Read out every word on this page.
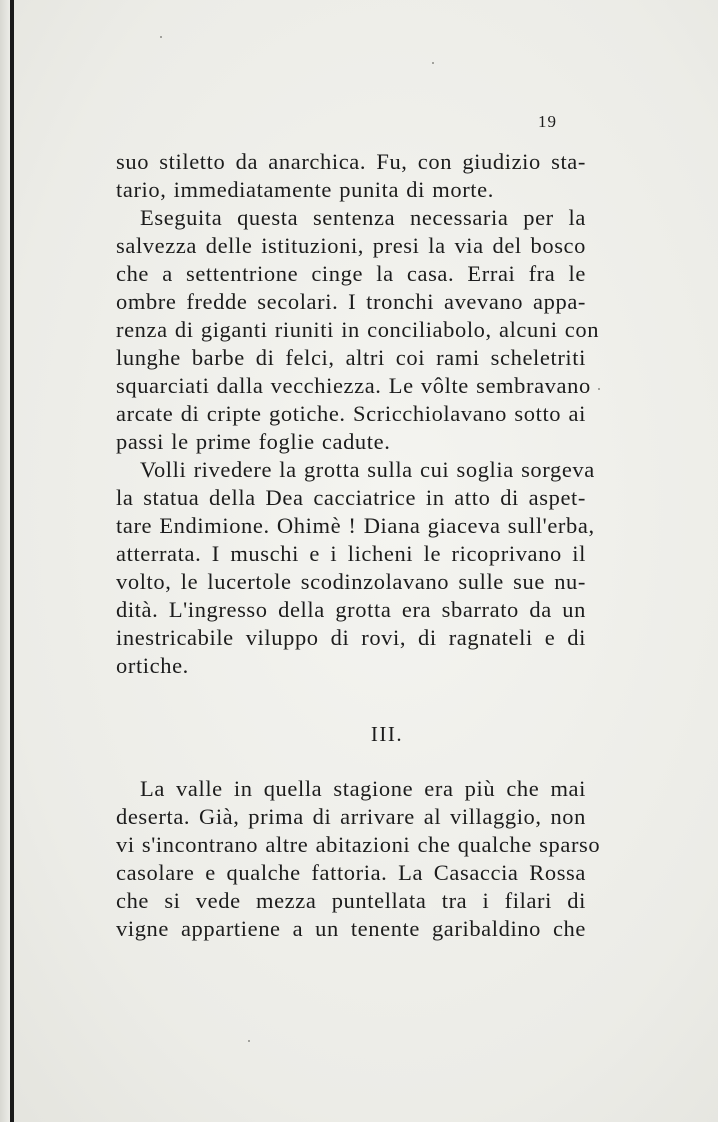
19
suo stiletto da anarchica. Fu, con giudizio sta-
tario, immediatamente punita di morte.
Eseguita questa sentenza necessaria per la
salvezza delle istituzioni, presi la via del bosco
che a settentrione cinge la casa. Errai fra le
ombre fredde secolari. I tronchi avevano appa-
renza di giganti riuniti in conciliabolo, alcuni con
lunghe barbe di felci, altri coi rami scheletriti
squarciati dalla vecchiezza. Le vôlte sembravano
arcate di cripte gotiche. Scricchiolavano sotto ai
passi le prime foglie cadute.
Volli rivedere la grotta sulla cui soglia sorgeva
la statua della Dea cacciatrice in atto di aspet-
tare Endimione. Ohimè ! Diana giaceva sull'erba,
atterrata. I muschi e i licheni le ricoprivano il
volto, le lucertole scodinzolavano sulle sue nu-
dità. L'ingresso della grotta era sbarrato da un
inestricabile viluppo di rovi, di ragnateli e di
ortiche.
III.
La valle in quella stagione era più che mai
deserta. Già, prima di arrivare al villaggio, non
vi s'incontrano altre abitazioni che qualche sparso
casolare e qualche fattoria. La Casaccia Rossa
che si vede mezza puntellata tra i filari di
vigne appartiene a un tenente garibaldino che
